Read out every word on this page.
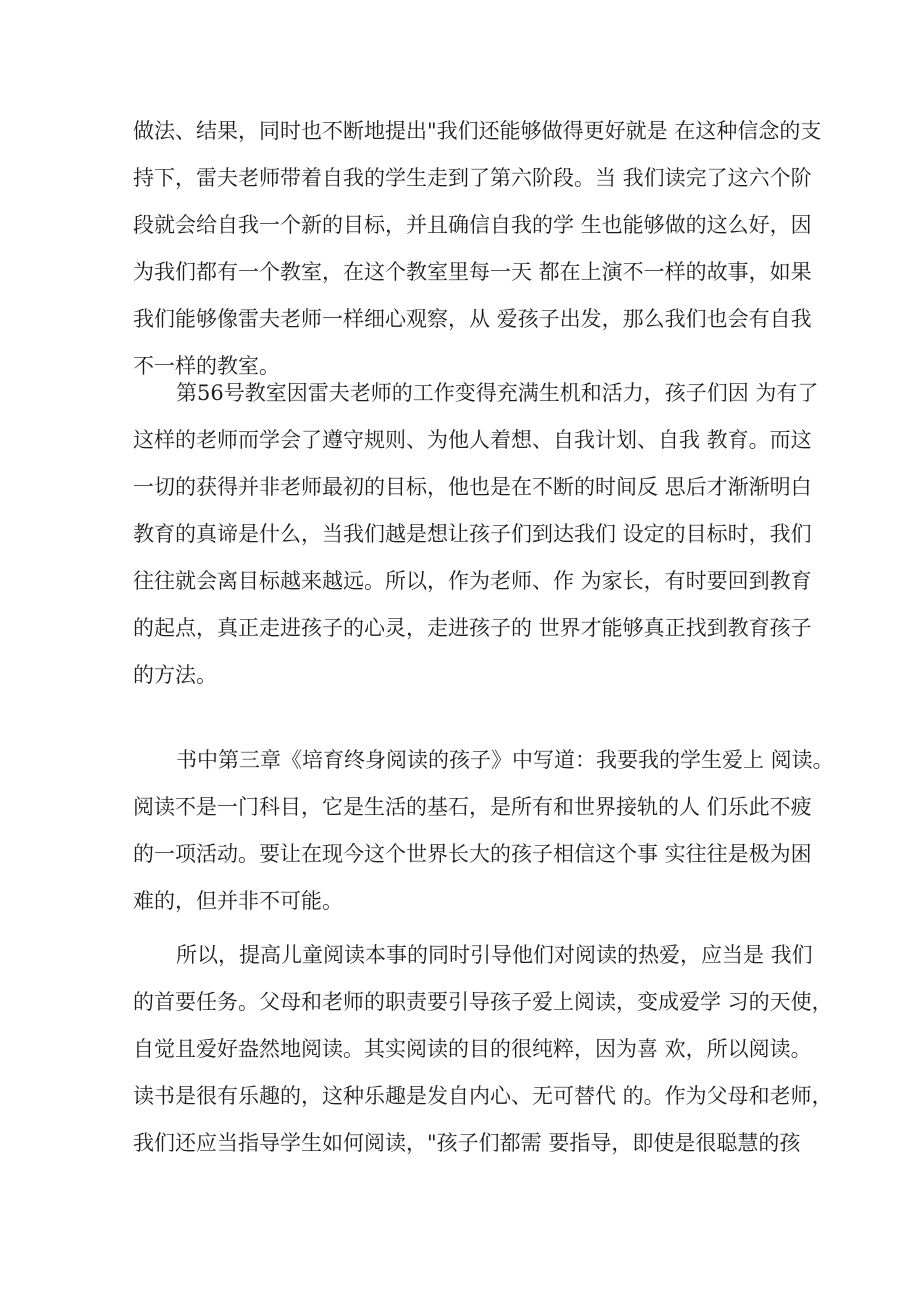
做法、结果，同时也不断地提出"我们还能够做得更好就是 在这种信念的支
持下，雷夫老师带着自我的学生走到了第六阶段。当 我们读完了这六个阶
段就会给自我一个新的目标，并且确信自我的学 生也能够做的这么好，因
为我们都有一个教室，在这个教室里每一天 都在上演不一样的故事，如果
我们能够像雷夫老师一样细心观察，从 爱孩子出发，那么我们也会有自我
不一样的教室。
第56号教室因雷夫老师的工作变得充满生机和活力，孩子们因 为有了
这样的老师而学会了遵守规则、为他人着想、自我计划、自我 教育。而这
一切的获得并非老师最初的目标，他也是在不断的时间反 思后才渐渐明白
教育的真谛是什么，当我们越是想让孩子们到达我们 设定的目标时，我们
往往就会离目标越来越远。所以，作为老师、作 为家长，有时要回到教育
的起点，真正走进孩子的心灵，走进孩子的 世界才能够真正找到教育孩子
的方法。
书中第三章《培育终身阅读的孩子》中写道：我要我的学生爱上 阅读。
阅读不是一门科目，它是生活的基石，是所有和世界接轨的人 们乐此不疲
的一项活动。要让在现今这个世界长大的孩子相信这个事 实往往是极为困
难的，但并非不可能。
所以，提高儿童阅读本事的同时引导他们对阅读的热爱，应当是 我们
的首要任务。父母和老师的职责要引导孩子爱上阅读，变成爱学 习的天使，
自觉且爱好盎然地阅读。其实阅读的目的很纯粹，因为喜 欢，所以阅读。
读书是很有乐趣的，这种乐趣是发自内心、无可替代 的。作为父母和老师，
我们还应当指导学生如何阅读，"孩子们都需 要指导，即使是很聪慧的孩
